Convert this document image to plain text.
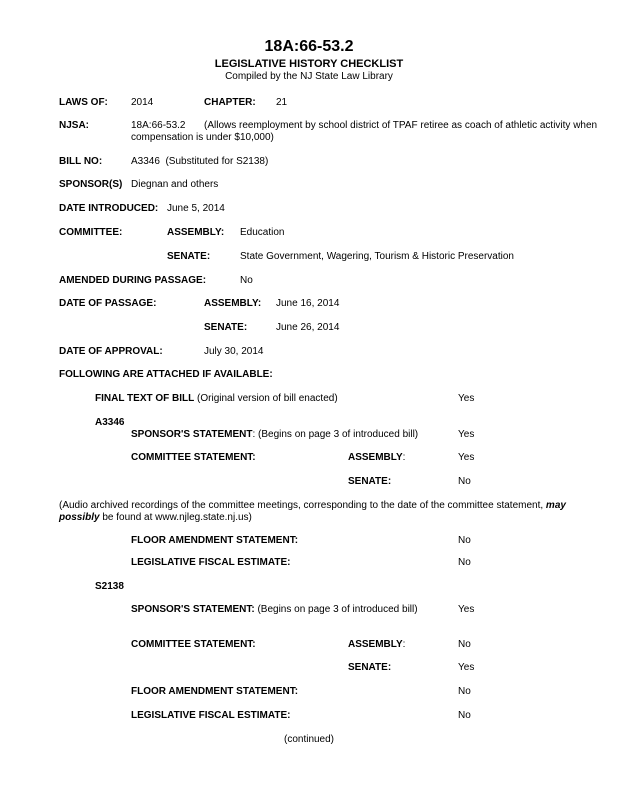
18A:66-53.2
LEGISLATIVE HISTORY CHECKLIST
Compiled by the NJ State Law Library
LAWS OF: 2014	CHAPTER: 21
NJSA:	18A:66-53.2	(Allows reemployment by school district of TPAF retiree as coach of athletic activity when compensation is under $10,000)
BILL NO:	A3346  (Substituted for S2138)
SPONSOR(S) Diegnan and others
DATE INTRODUCED: June 5, 2014
COMMITTEE:	ASSEMBLY: Education
SENATE:	State Government, Wagering, Tourism & Historic Preservation
AMENDED DURING PASSAGE:	No
DATE OF PASSAGE:	ASSEMBLY: June 16, 2014
SENATE:	June 26, 2014
DATE OF APPROVAL:	July 30, 2014
FOLLOWING ARE ATTACHED IF AVAILABLE:
FINAL TEXT OF BILL (Original version of bill enacted)	Yes
A3346
SPONSOR'S STATEMENT: (Begins on page 3 of introduced bill)	Yes
COMMITTEE STATEMENT:	ASSEMBLY:	Yes
SENATE:	No
(Audio archived recordings of the committee meetings, corresponding to the date of the committee statement, may possibly be found at www.njleg.state.nj.us)
FLOOR AMENDMENT STATEMENT:	No
LEGISLATIVE FISCAL ESTIMATE:	No
S2138
SPONSOR'S STATEMENT: (Begins on page 3 of introduced bill)	Yes
COMMITTEE STATEMENT:	ASSEMBLY:	No
SENATE:	Yes
FLOOR AMENDMENT STATEMENT:	No
LEGISLATIVE FISCAL ESTIMATE:	No
(continued)
